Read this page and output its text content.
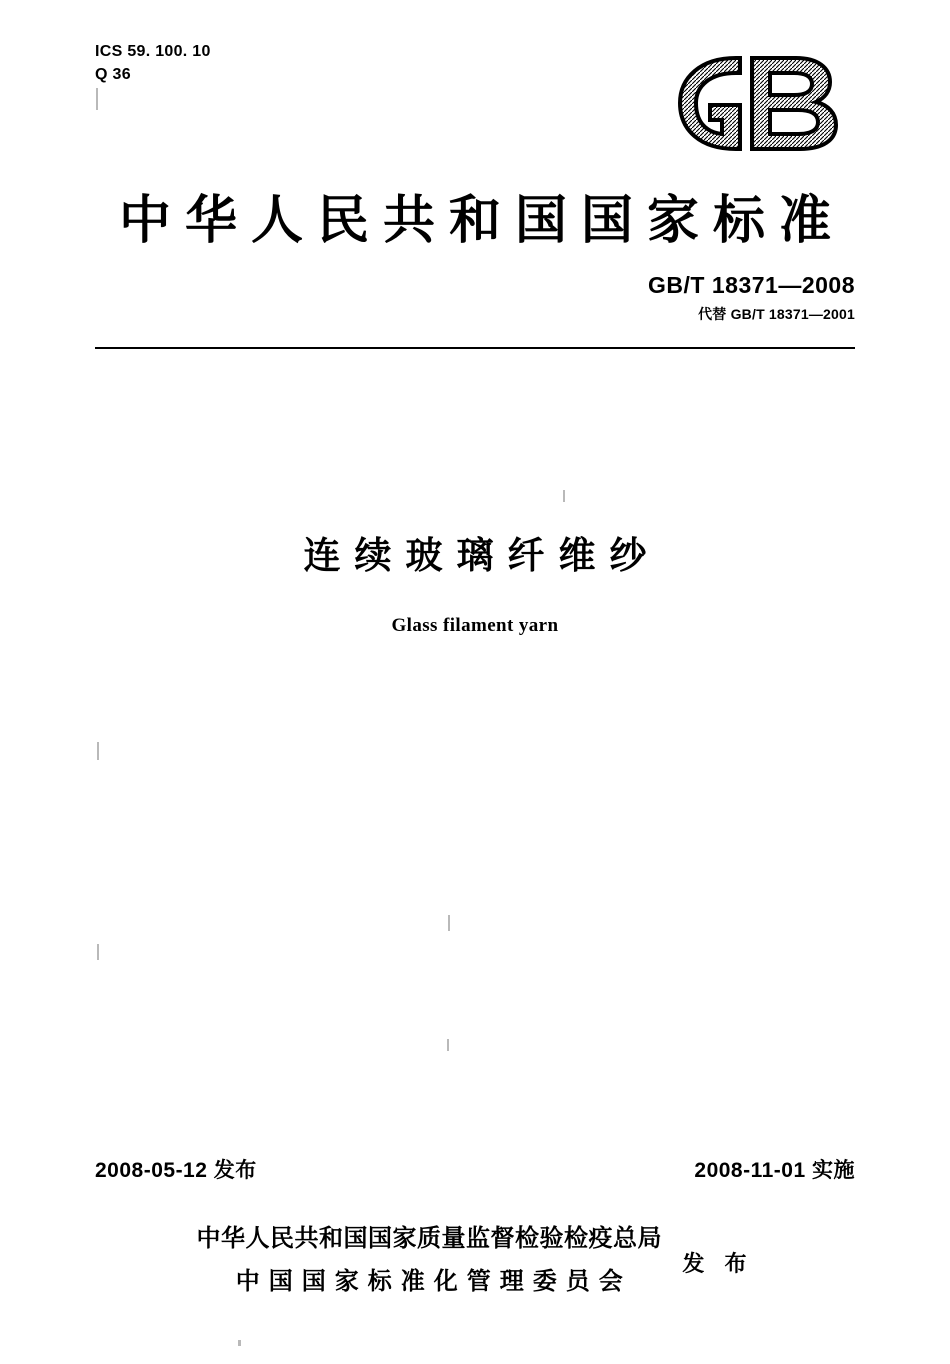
ICS 59. 100. 10
Q 36
中华人民共和国国家标准
GB/T 18371—2008
代替 GB/T 18371—2001
连续玻璃纤维纱
Glass filament yarn
2008-05-12 发布	2008-11-01 实施
中华人民共和国国家质量监督检验检疫总局
中国国家标准化管理委员会
发 布
